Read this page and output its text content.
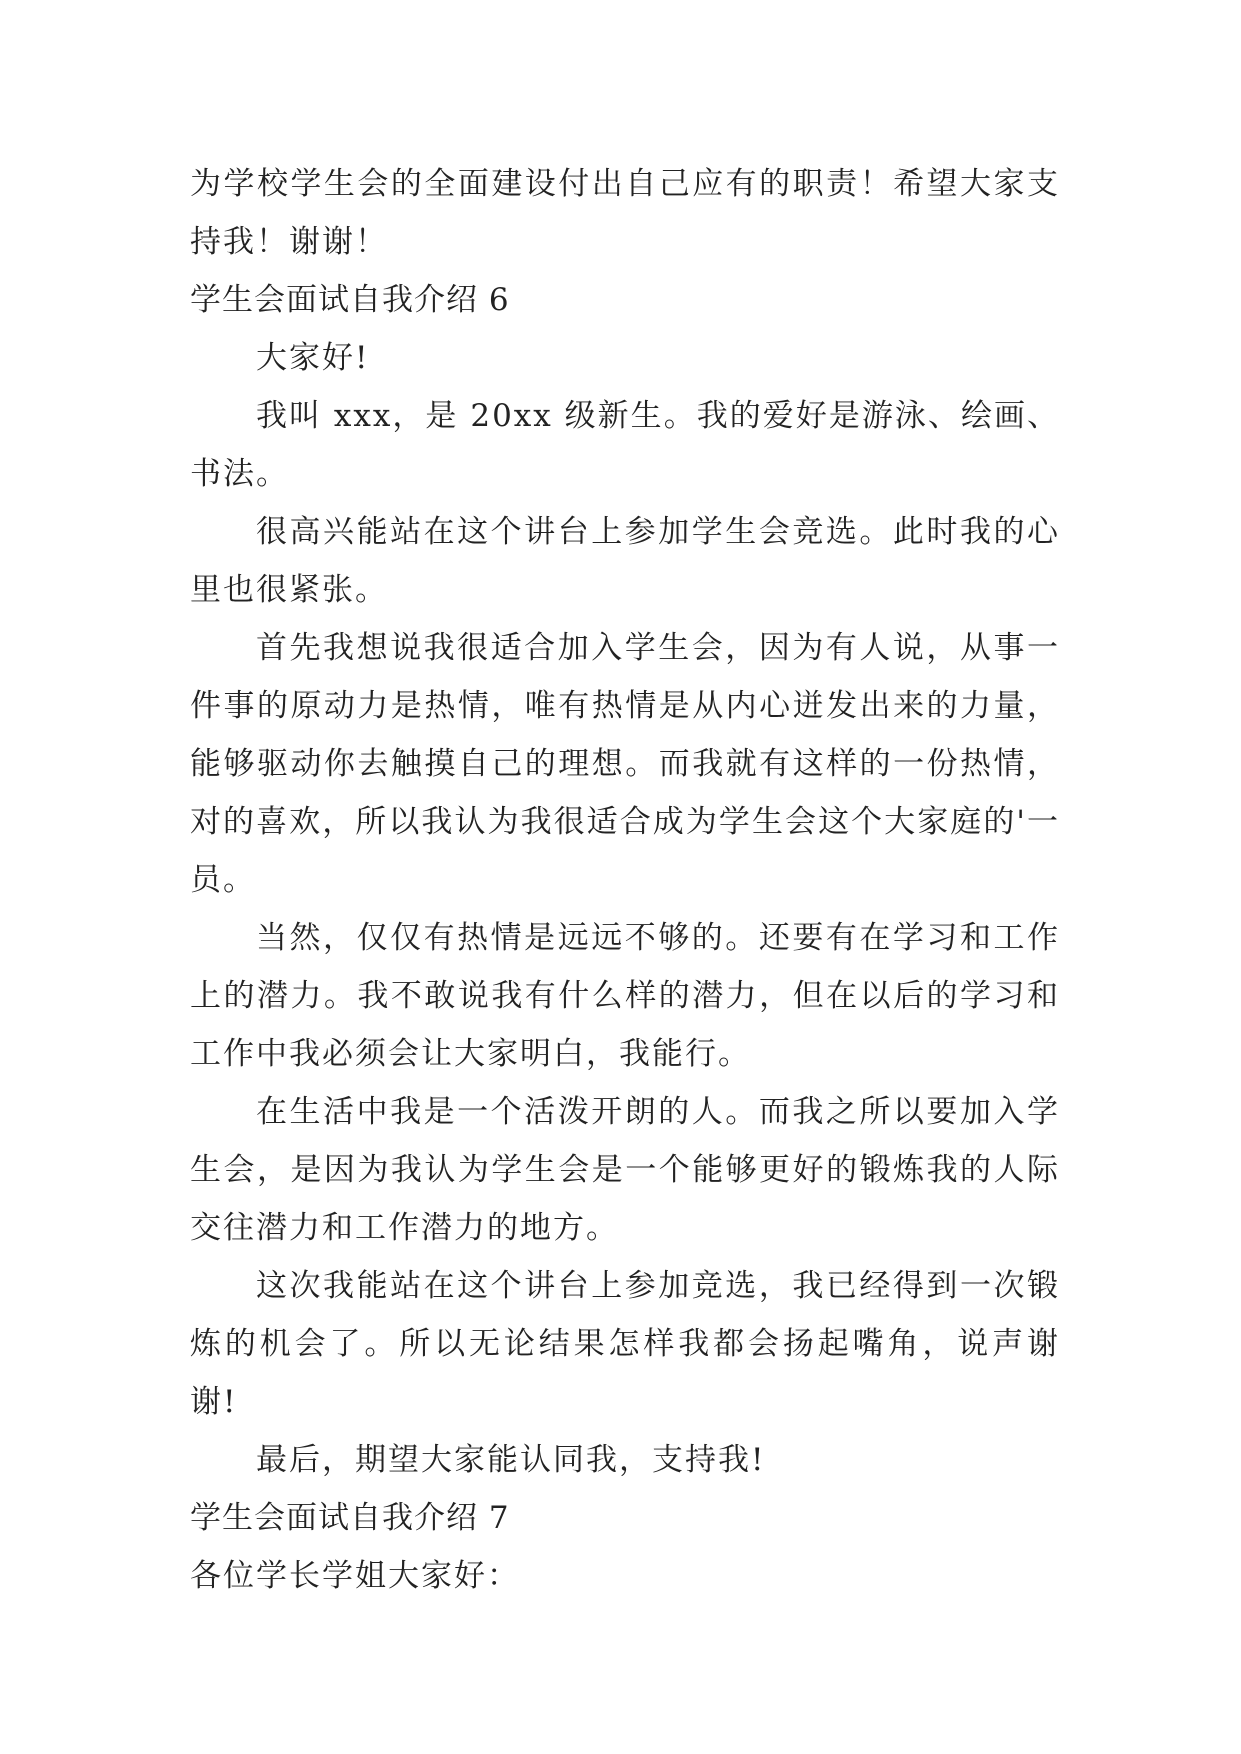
为学校学生会的全面建设付出自己应有的职责！希望大家支持我！谢谢！

学生会面试自我介绍 6

大家好!

我叫 xxx，是 20xx 级新生。我的爱好是游泳、绘画、书法。

很高兴能站在这个讲台上参加学生会竞选。此时我的心里也很紧张。

首先我想说我很适合加入学生会，因为有人说，从事一件事的原动力是热情，唯有热情是从内心迸发出来的力量，能够驱动你去触摸自己的理想。而我就有这样的一份热情，对的喜欢，所以我认为我很适合成为学生会这个大家庭的'一员。

当然，仅仅有热情是远远不够的。还要有在学习和工作上的潜力。我不敢说我有什么样的潜力，但在以后的学习和工作中我必须会让大家明白，我能行。

在生活中我是一个活泼开朗的人。而我之所以要加入学生会，是因为我认为学生会是一个能够更好的锻炼我的人际交往潜力和工作潜力的地方。

这次我能站在这个讲台上参加竞选，我已经得到一次锻炼的机会了。所以无论结果怎样我都会扬起嘴角，说声谢谢!

最后，期望大家能认同我，支持我!

学生会面试自我介绍 7

各位学长学姐大家好：
